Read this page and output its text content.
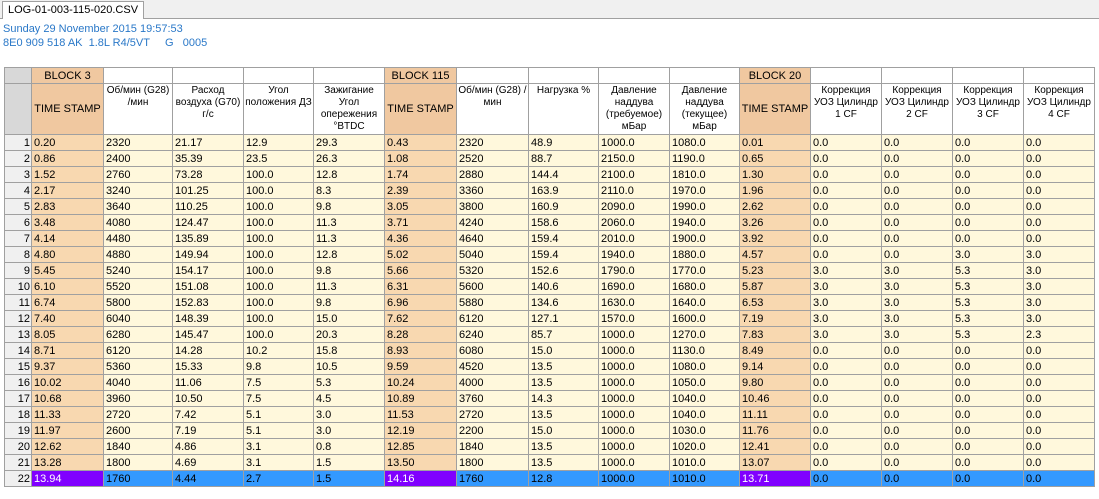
LOG-01-003-115-020.CSV
Sunday 29 November 2015 19:57:53
8E0 909 518 AK  1.8L R4/5VT     G   0005
	BLOCK 3					BLOCK 115					BLOCK 20				
	TIME STAMP	Об/мин (G28) /мин	Расход воздуха (G70) г/с	Угол положения ДЗ	Зажигание Угол опережения °BTDC	TIME STAMP	Об/мин (G28) /мин	Нагрузка %	Давление наддува (требуемое) мБар	Давление наддува (текущее) мБар	TIME STAMP	Коррекция УОЗ Цилиндр 1 CF	Коррекция УОЗ Цилиндр 2 CF	Коррекция УОЗ Цилиндр 3 CF	Коррекция УОЗ Цилиндр 4 CF
1	0.20	2320	21.17	12.9	29.3	0.43	2320	48.9	1000.0	1080.0	0.01	0.0	0.0	0.0	0.0
2	0.86	2400	35.39	23.5	26.3	1.08	2520	88.7	2150.0	1190.0	0.65	0.0	0.0	0.0	0.0
3	1.52	2760	73.28	100.0	12.8	1.74	2880	144.4	2100.0	1810.0	1.30	0.0	0.0	0.0	0.0
4	2.17	3240	101.25	100.0	8.3	2.39	3360	163.9	2110.0	1970.0	1.96	0.0	0.0	0.0	0.0
5	2.83	3640	110.25	100.0	9.8	3.05	3800	160.9	2090.0	1990.0	2.62	0.0	0.0	0.0	0.0
6	3.48	4080	124.47	100.0	11.3	3.71	4240	158.6	2060.0	1940.0	3.26	0.0	0.0	0.0	0.0
7	4.14	4480	135.89	100.0	11.3	4.36	4640	159.4	2010.0	1900.0	3.92	0.0	0.0	0.0	0.0
8	4.80	4880	149.94	100.0	12.8	5.02	5040	159.4	1940.0	1880.0	4.57	0.0	0.0	3.0	3.0
9	5.45	5240	154.17	100.0	9.8	5.66	5320	152.6	1790.0	1770.0	5.23	3.0	3.0	5.3	3.0
10	6.10	5520	151.08	100.0	11.3	6.31	5600	140.6	1690.0	1680.0	5.87	3.0	3.0	5.3	3.0
11	6.74	5800	152.83	100.0	9.8	6.96	5880	134.6	1630.0	1640.0	6.53	3.0	3.0	5.3	3.0
12	7.40	6040	148.39	100.0	15.0	7.62	6120	127.1	1570.0	1600.0	7.19	3.0	3.0	5.3	3.0
13	8.05	6280	145.47	100.0	20.3	8.28	6240	85.7	1000.0	1270.0	7.83	3.0	3.0	5.3	2.3
14	8.71	6120	14.28	10.2	15.8	8.93	6080	15.0	1000.0	1130.0	8.49	0.0	0.0	0.0	0.0
15	9.37	5360	15.33	9.8	10.5	9.59	4520	13.5	1000.0	1080.0	9.14	0.0	0.0	0.0	0.0
16	10.02	4040	11.06	7.5	5.3	10.24	4000	13.5	1000.0	1050.0	9.80	0.0	0.0	0.0	0.0
17	10.68	3960	10.50	7.5	4.5	10.89	3760	14.3	1000.0	1040.0	10.46	0.0	0.0	0.0	0.0
18	11.33	2720	7.42	5.1	3.0	11.53	2720	13.5	1000.0	1040.0	11.11	0.0	0.0	0.0	0.0
19	11.97	2600	7.19	5.1	3.0	12.19	2200	15.0	1000.0	1030.0	11.76	0.0	0.0	0.0	0.0
20	12.62	1840	4.86	3.1	0.8	12.85	1840	13.5	1000.0	1020.0	12.41	0.0	0.0	0.0	0.0
21	13.28	1800	4.69	3.1	1.5	13.50	1800	13.5	1000.0	1010.0	13.07	0.0	0.0	0.0	0.0
22	13.94	1760	4.44	2.7	1.5	14.16	1760	12.8	1000.0	1010.0	13.71	0.0	0.0	0.0	0.0
